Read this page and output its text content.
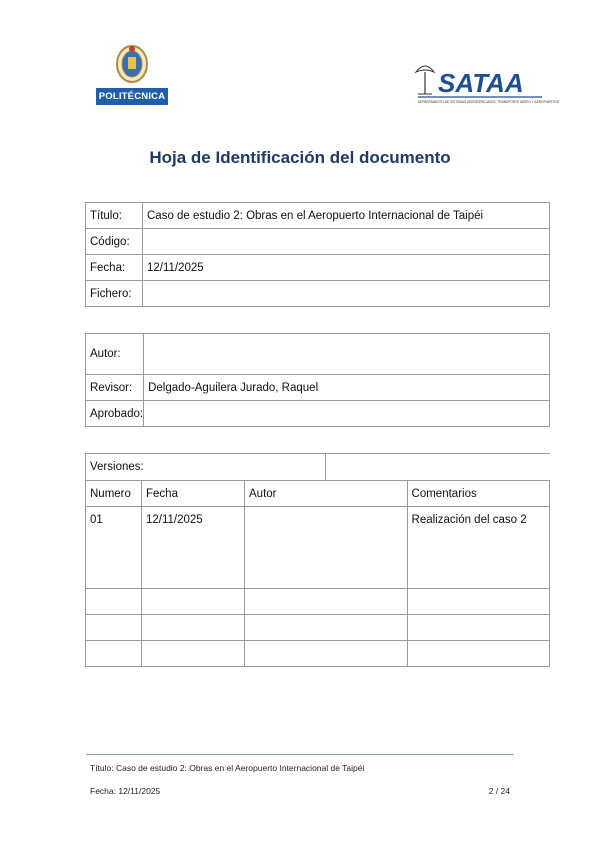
POLITÉCNICA	SATAA
DEPARTAMENTO DE SISTEMAS AEROESPACIALES, TRANSPORTE AÉREO Y AEROPUERTOS
Hoja de Identificación del documento
Título:	Caso de estudio 2: Obras en el Aeropuerto Internacional de Taipéi
Código:	
Fecha:	12/11/2025
Fichero:	
Autor:	
Revisor:	Delgado-Aguilera Jurado, Raquel
Aprobado:	
Versiones:				
Numero	Fecha	Autor		Comentarios
01	12/11/2025			Realización del caso 2

Título: Caso de estudio 2: Obras en el Aeropuerto Internacional de Taipéi
Fecha: 12/11/2025	2 / 24
